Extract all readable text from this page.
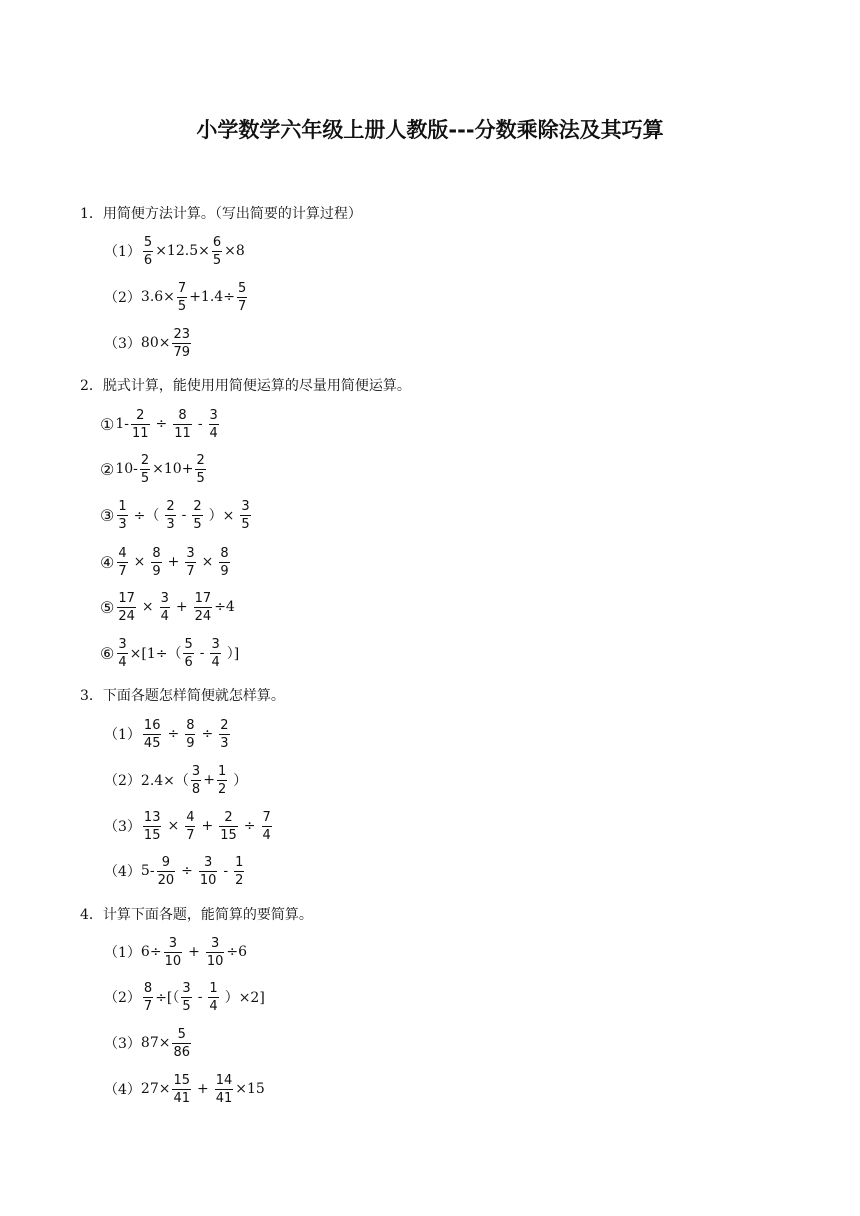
小学数学六年级上册人教版---分数乘除法及其巧算
1．用简便方法计算。（写出简要的计算过程）
$(1) \frac{5}{6} \times 12.5\times \frac{6}{5} \times 8$
（2） $3.6\times \frac{7}{5} +1.4\div \frac{5}{7}$
（3） $80\times \frac{23}{79}$
2．脱式计算，能使用用简便运算的尽量用简便运算。
① $1- \frac{2}{11} \div \frac{8}{11} - \frac{3}{4}$
② $10- \frac{2}{5} \times 10+ \frac{2}{5}$
③ $\frac{1}{3}$ ÷（ $\frac{2}{3} - \frac{2}{5}$ ）× $\frac{3}{5}$
④ $\frac{4}{7} \times \frac{8}{9} + \frac{3}{7} \times \frac{8}{9}$
⑤ $\frac{17}{24} \times \frac{3}{4} + \frac{17}{24} \div 4$
⑥ $\frac{3}{4} \times[1\div( \frac{5}{6} - \frac{3}{4}$ ）]
3．下面各题怎样简便就怎样算。
$(1) \frac{16}{45} \div \frac{8}{9} \div \frac{2}{3}$
（2） $2.4\times( \frac{3}{8} + \frac{1}{2}$ ）
$(3) \frac{13}{15} \times \frac{4}{7} + \frac{2}{15} \div \frac{7}{4}$
（4） $5- \frac{9}{20} \div \frac{3}{10} - \frac{1}{2}$
4．计算下面各题，能简算的要简算。
（1） $6\div \frac{3}{10} + \frac{3}{10} \div 6$
$(2) \frac{8}{7}$ ÷[（ $\frac{3}{5} - \frac{1}{4} )\times 2$]
（3） $87\times \frac{5}{86}$
（4） $27\times \frac{15}{41} + \frac{14}{41} \times 15$
